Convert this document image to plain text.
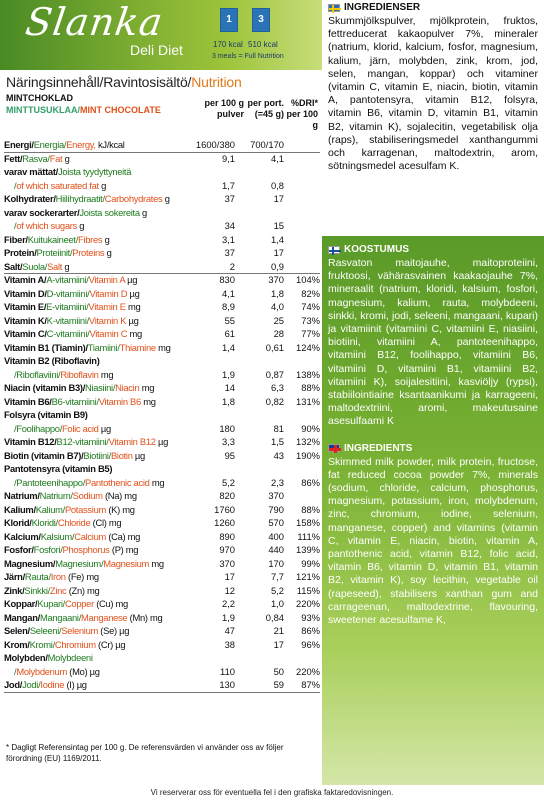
Slanka
Deli Diet
1	3
170 kcal 510 kcal
3 meals = Full Nutrition
Näringsinnehåll/Ravintosisältö/Nutrition
MINTCHOKLAD
MINTTUSUKLAA/MINT CHOCOLATE
per 100 g pulver
per port. (=45 g)
%DRI* per 100 g
Energi/Energia/Energy, kJ/kcal	1600/380 700/170
Fett/Rasva/Fat g	9,1	4,1
varav mättat/Joista tyydyttyneitä
/of which saturated fat g	1,7	0,8
Kolhydrater/Hiilihydraatit/Carbohydrates g	37	17
varav sockerarter/Joista sokereita g
/of which sugars g	34	15
Fiber/Kuitukaineet/Fibres g	3,1	1,4
Protein/Proteiinit/Proteins g	37	17
Salt/Suola/Salt g	2	0,9
Vitamin A/A-vitamiini/Vitamin A µg	830	370 104%
Vitamin D/D-vitamiini/Vitamin D µg	4,1	1,8 82%
Vitamin E/E-vitamiini/Vitamin E mg	8,9	4,0 74%
Vitamin K/K-vitamiini/Vitamin K µg	55	25 73%
Vitamin C/C-vitamiini/Vitamin C mg	61	28 77%
Vitamin B1 (Tiamin)/Tiamiini/Thiamine mg	1,4	0,61 124%
Vitamin B2 (Riboflavin)
/Riboflaviini/Riboflavin mg	1,9	0,87 138%
Niacin (vitamin B3)/Niasiini/Niacin mg	14	6,3 88%
Vitamin B6/B6-vitamiini/Vitamin B6 mg	1,8	0,82 131%
Folsyra (vitamin B9)
/Foolihappo/Folic acid µg	180	81 90%
Vitamin B12/B12-vitamiini/Vitamin B12 µg	3,3	1,5 132%
Biotin (vitamin B7)/Biotiini/Biotin µg	95	43 190%
Pantotensyra (vitamin B5)
/Pantoteenihappo/Pantothenic acid mg	5,2	2,3 86%
Natrium/Natrium/Sodium (Na) mg	820	370
Kalium/Kalium/Potassium (K) mg	1760	790 88%
Klorid/Kloridi/Chloride (Cl) mg	1260	570 158%
Kalcium/Kalsium/Calcium (Ca) mg	890	400 111%
Fosfor/Fosfori/Phosphorus (P) mg	970	440 139%
Magnesium/Magnesium/Magnesium mg	370	170 99%
Järn/Rauta/Iron (Fe) mg	17	7,7 121%
Zink/Sinkki/Zinc (Zn) mg	12	5,2 115%
Koppar/Kupari/Copper (Cu) mg	2,2	1,0 220%
Mangan/Mangaani/Manganese (Mn) mg	1,9	0,84 93%
Selen/Seleeni/Selenium (Se) µg	47	21 86%
Krom/Kromi/Chromium (Cr) µg	38	17 96%
Molybden/Molybdeeni
/Molybdenum (Mo) µg	110	50 220%
Jod/Jodi/Iodine (I) µg	130	59 87%
* Dagligt Referensintag per 100 g. De referensvärden vi använder oss av följer förordning (EU) 1169/2011.
INGREDIENSER
Skummjölkspulver, mjölkprotein, fruktos, fettreducerat kakaopulver 7%, mineraler (natrium, klorid, kalcium, fosfor, magnesium, kalium, järn, molybden, zink, krom, jod, selen, mangan, koppar) och vitaminer (vitamin C, vitamin E, niacin, biotin, vitamin A, pantotensyra, vitamin B12, folsyra, vitamin B6, vitamin D, vitamin B1, vitamin B2, vitamin K), sojalecitin, vegetabilisk olja (raps), stabiliseringsmedel xanthangummi och karragenan, maltodextrin, arom, sötningsmedel acesulfam K.
KOOSTUMUS
Rasvaton maitojauhe, maitoproteiini, fruktoosi, vähärasvainen kaakaojauhe 7%, mineraalit (natrium, kloridi, kalsium, fosfori, magnesium, kalium, rauta, molybdeeni, sinkki, kromi, jodi, seleeni, mangaani, kupari) ja vitamiinit (vitamiini C, vitamiini E, niasiini, biotiini, vitamiini A, pantoteenihappo, vitamiini B12, foolihappo, vitamiini B6, vitamiini D, vitamiini B1, vitamiini B2, vitamiini K), soijalesitiini, kasviöljy (rypsi), stabiilointiaine ksantaanikumi ja karrageeni, maltodextriini, aromi, makeutusaine asesulfaami K
INGREDIENTS
Skimmed milk powder, milk protein, fructose, fat reduced cocoa powder 7%, minerals (sodium, chloride, calcium, phosphorus, magnesium, potassium, iron, molybdenum, zinc, chromium, iodine, selenium, manganese, copper) and vitamins (vitamin C, vitamin E, niacin, biotin, vitamin A, pantothenic acid, vitamin B12, folic acid, vitamin B6, vitamin D, vitamin B1, vitamin B2, vitamin K), soy lecithin, vegetable oil (rapeseed), stabilisers xanthan gum and carrageenan, maltodextrine, flavouring, sweetener acesulfame K,
Vi reserverar oss för eventuella fel i den grafiska faktaredovisningen.
